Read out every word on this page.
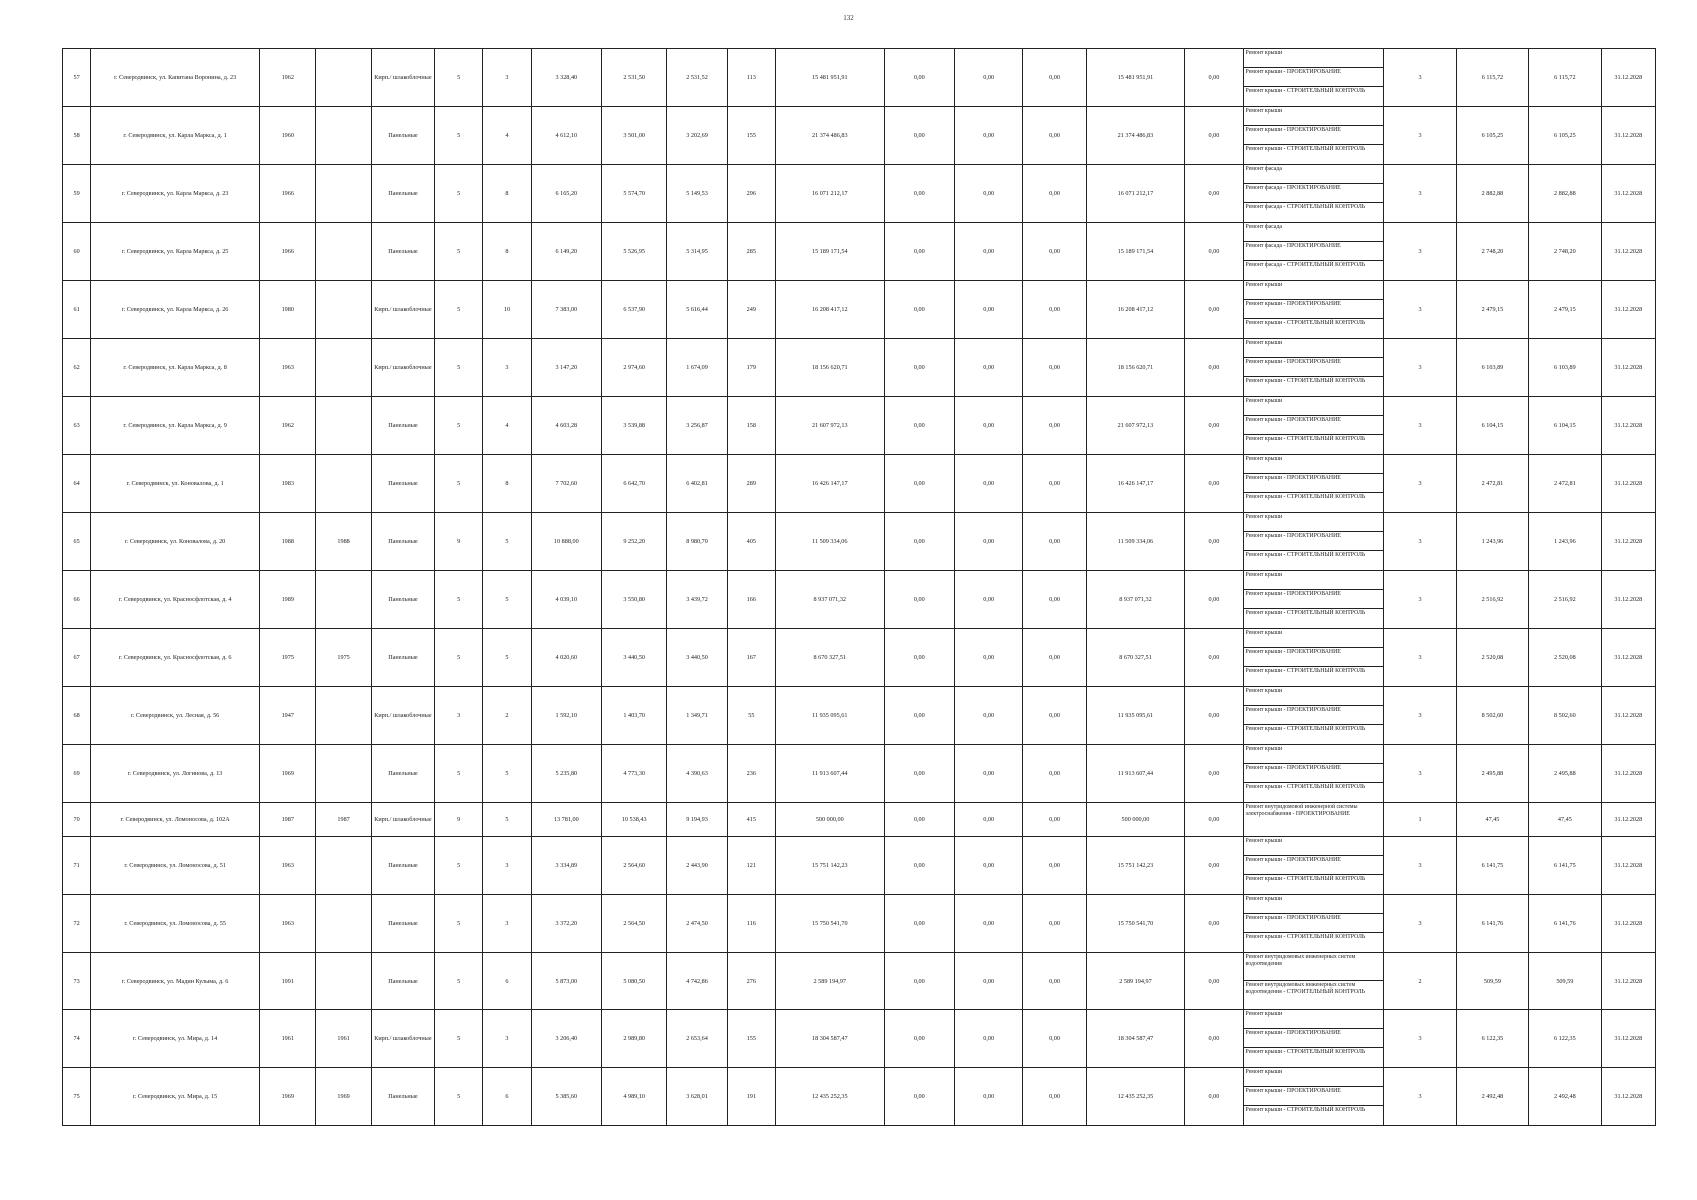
132
57	г. Северодвинск, ул. Капитана Воронина, д. 23	1962		Кирп./ шлакоблочные	5	3	3 328,40	2 531,50	2 531,52	113	15 481 951,91	0,00	0,00	0,00	15 481 951,91	0,00	Ремонт крыши
Ремонт крыши - ПРОЕКТИРОВАНИЕ
Ремонт крыши - СТРОИТЕЛЬНЫЙ КОНТРОЛЬ	3	6 115,72	6 115,72	31.12.2028
58	г. Северодвинск, ул. Карла Маркса, д. 1	1960		Панельные	5	4	4 612,10	3 501,00	3 202,69	155	21 374 486,83	0,00	0,00	0,00	21 374 486,83	0,00	Ремонт крыши
Ремонт крыши - ПРОЕКТИРОВАНИЕ
Ремонт крыши - СТРОИТЕЛЬНЫЙ КОНТРОЛЬ	3	6 105,25	6 105,25	31.12.2028
59	г. Северодвинск, ул. Карла Маркса, д. 23	1966		Панельные	5	8	6 165,20	5 574,70	5 149,53	296	16 071 212,17	0,00	0,00	0,00	16 071 212,17	0,00	Ремонт фасада
Ремонт фасада - ПРОЕКТИРОВАНИЕ
Ремонт фасада - СТРОИТЕЛЬНЫЙ КОНТРОЛЬ	3	2 882,88	2 882,88	31.12.2028
60	г. Северодвинск, ул. Карла Маркса, д. 25	1966		Панельные	5	8	6 149,20	5 526,95	5 314,95	285	15 189 171,54	0,00	0,00	0,00	15 189 171,54	0,00	Ремонт фасада
Ремонт фасада - ПРОЕКТИРОВАНИЕ
Ремонт фасада - СТРОИТЕЛЬНЫЙ КОНТРОЛЬ	3	2 748,20	2 748,20	31.12.2028
61	г. Северодвинск, ул. Карла Маркса, д. 26	1980		Кирп./ шлакоблочные	5	10	7 383,00	6 537,90	5 616,44	249	16 208 417,12	0,00	0,00	0,00	16 208 417,12	0,00	Ремонт крыши
Ремонт крыши - ПРОЕКТИРОВАНИЕ
Ремонт крыши - СТРОИТЕЛЬНЫЙ КОНТРОЛЬ	3	2 479,15	2 479,15	31.12.2028
62	г. Северодвинск, ул. Карла Маркса, д. 8	1963		Кирп./ шлакоблочные	5	3	3 147,20	2 974,60	1 674,09	179	18 156 620,71	0,00	0,00	0,00	18 156 620,71	0,00	Ремонт крыши
Ремонт крыши - ПРОЕКТИРОВАНИЕ
Ремонт крыши - СТРОИТЕЛЬНЫЙ КОНТРОЛЬ	3	6 103,89	6 103,89	31.12.2028
63	г. Северодвинск, ул. Карла Маркса, д. 9	1962		Панельные	5	4	4 603,28	3 539,88	3 256,87	158	21 607 972,13	0,00	0,00	0,00	21 607 972,13	0,00	Ремонт крыши
Ремонт крыши - ПРОЕКТИРОВАНИЕ
Ремонт крыши - СТРОИТЕЛЬНЫЙ КОНТРОЛЬ	3	6 104,15	6 104,15	31.12.2028
64	г. Северодвинск, ул. Коновалова, д. 1	1983		Панельные	5	8	7 702,60	6 642,70	6 402,81	289	16 426 147,17	0,00	0,00	0,00	16 426 147,17	0,00	Ремонт крыши
Ремонт крыши - ПРОЕКТИРОВАНИЕ
Ремонт крыши - СТРОИТЕЛЬНЫЙ КОНТРОЛЬ	3	2 472,81	2 472,81	31.12.2028
65	г. Северодвинск, ул. Коновалова, д. 20	1988	1988	Панельные	9	5	10 888,00	9 252,20	8 980,70	405	11 509 334,06	0,00	0,00	0,00	11 509 334,06	0,00	Ремонт крыши
Ремонт крыши - ПРОЕКТИРОВАНИЕ
Ремонт крыши - СТРОИТЕЛЬНЫЙ КОНТРОЛЬ	3	1 243,96	1 243,96	31.12.2028
66	г. Северодвинск, ул. Красносфлотская, д. 4	1989		Панельные	5	5	4 039,10	3 550,80	3 439,72	166	8 937 071,32	0,00	0,00	0,00	8 937 071,32	0,00	Ремонт крыши
Ремонт крыши - ПРОЕКТИРОВАНИЕ
Ремонт крыши - СТРОИТЕЛЬНЫЙ КОНТРОЛЬ	3	2 516,92	2 516,92	31.12.2028
67	г. Северодвинск, ул. Красносфлотская, д. 6	1975	1975	Панельные	5	5	4 020,60	3 440,50	3 440,50	167	8 670 327,51	0,00	0,00	0,00	8 670 327,51	0,00	Ремонт крыши
Ремонт крыши - ПРОЕКТИРОВАНИЕ
Ремонт крыши - СТРОИТЕЛЬНЫЙ КОНТРОЛЬ	3	2 520,08	2 520,08	31.12.2028
68	г. Северодвинск, ул. Лесная, д. 56	1947		Кирп./ шлакоблочные	3	2	1 592,10	1 403,70	1 349,71	55	11 935 095,61	0,00	0,00	0,00	11 935 095,61	0,00	Ремонт крыши
Ремонт крыши - ПРОЕКТИРОВАНИЕ
Ремонт крыши - СТРОИТЕЛЬНЫЙ КОНТРОЛЬ	3	8 502,60	8 502,60	31.12.2028
69	г. Северодвинск, ул. Логинова, д. 13	1969		Панельные	5	5	5 235,80	4 773,30	4 390,63	236	11 913 607,44	0,00	0,00	0,00	11 913 607,44	0,00	Ремонт крыши
Ремонт крыши - ПРОЕКТИРОВАНИЕ
Ремонт крыши - СТРОИТЕЛЬНЫЙ КОНТРОЛЬ	3	2 495,88	2 495,88	31.12.2028
70	г. Северодвинск, ул. Ломоносова, д. 102А	1987	1987	Кирп./ шлакоблочные	9	5	13 781,00	10 538,43	9 194,93	415	500 000,00	0,00	0,00	0,00	500 000,00	0,00	Ремонт внутридомовой инженерной системы электроснабжения - ПРОЕКТИРОВАНИЕ	1	47,45	47,45	31.12.2028
71	г. Северодвинск, ул. Ломоносова, д. 51	1963		Панельные	5	3	3 334,89	2 564,60	2 443,90	121	15 751 142,23	0,00	0,00	0,00	15 751 142,23	0,00	Ремонт крыши
Ремонт крыши - ПРОЕКТИРОВАНИЕ
Ремонт крыши - СТРОИТЕЛЬНЫЙ КОНТРОЛЬ	3	6 141,75	6 141,75	31.12.2028
72	г. Северодвинск, ул. Ломоносова, д. 55	1963		Панельные	5	3	3 372,20	2 564,50	2 474,50	116	15 750 541,70	0,00	0,00	0,00	15 750 541,70	0,00	Ремонт крыши
Ремонт крыши - ПРОЕКТИРОВАНИЕ
Ремонт крыши - СТРОИТЕЛЬНЫЙ КОНТРОЛЬ	3	6 141,76	6 141,76	31.12.2028
73	г. Северодвинск, ул. Мадин Кулыма, д. 6	1991		Панельные	5	6	5 873,00	5 080,50	4 742,86	276	2 589 194,97	0,00	0,00	0,00	2 589 194,97	0,00	Ремонт внутридомовых инженерных систем водоотведения
Ремонт внутридомовых инженерных систем водоотведения - СТРОИТЕЛЬНЫЙ КОНТРОЛЬ	2	509,59	509,59	31.12.2028
74	г. Северодвинск, ул. Мира, д. 14	1961	1961	Кирп./ шлакоблочные	5	3	3 206,40	2 989,80	2 653,64	155	18 304 587,47	0,00	0,00	0,00	18 304 587,47	0,00	Ремонт крыши
Ремонт крыши - ПРОЕКТИРОВАНИЕ
Ремонт крыши - СТРОИТЕЛЬНЫЙ КОНТРОЛЬ	3	6 122,35	6 122,35	31.12.2028
75	г. Северодвинск, ул. Мира, д. 15	1969	1969	Панельные	5	6	5 385,60	4 989,10	3 628,01	191	12 435 252,35	0,00	0,00	0,00	12 435 252,35	0,00	Ремонт крыши
Ремонт крыши - ПРОЕКТИРОВАНИЕ
Ремонт крыши - СТРОИТЕЛЬНЫЙ КОНТРОЛЬ	3	2 492,48	2 492,48	31.12.2028
